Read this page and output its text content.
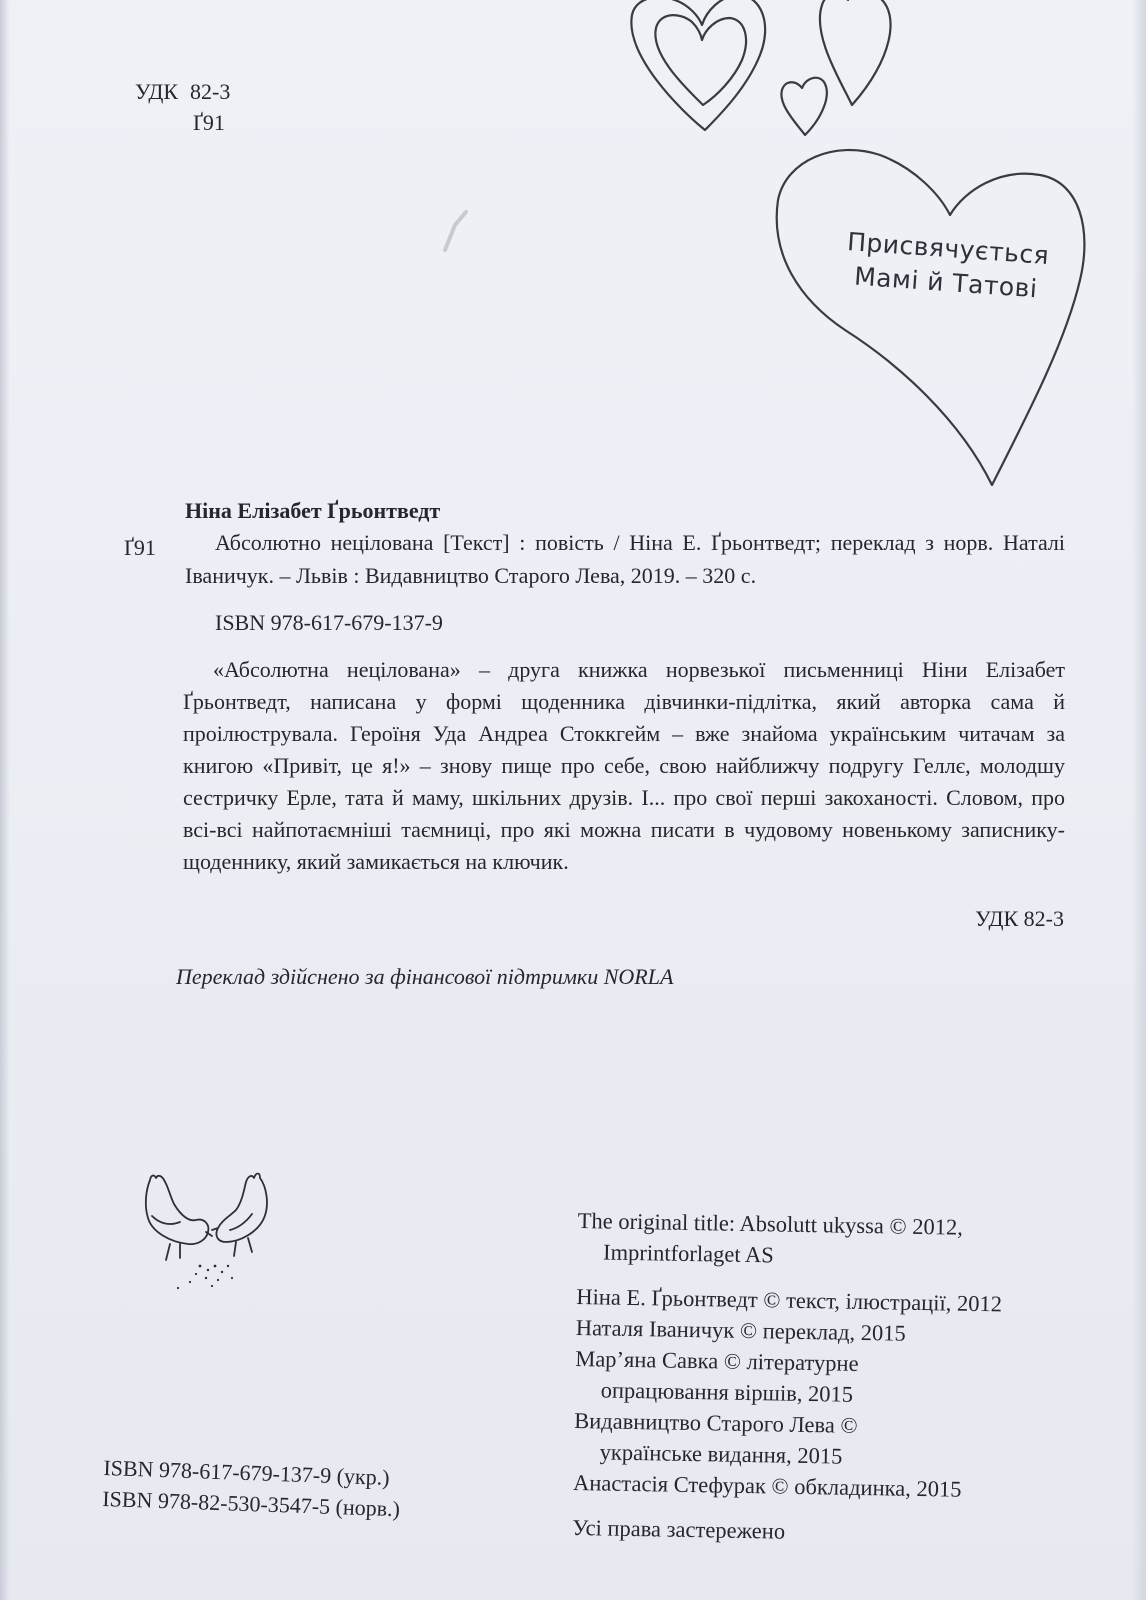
УДК 82-3
Ґ91
Присвячується
Мамі й Татові
Ніна Елізабет Ґрьонтведт
Ґ91	Абсолютно нецілована [Текст] : повість / Ніна Е. Ґрьонтведт; переклад з норв. Наталі Іваничук. – Львів : Видавництво Старого Лева, 2019. – 320 с.
ISBN 978-617-679-137-9
«Абсолютна нецілована» – друга книжка норвезької письменниці Ніни Елізабет Ґрьонтведт, написана у формі щоденника дівчинки-підлітка, який авторка сама й проілюструвала. Героїня Уда Андреа Стоккгейм – вже знайома українським читачам за книгою «Привіт, це я!» – знову пище про себе, свою найближчу подругу Геллє, молодшу сестричку Ерле, тата й маму, шкільних друзів. І... про свої перші закоханості. Словом, про всі-всі найпотаємніші таємниці, про які можна писати в чудовому новенькому записнику-щоденнику, який замикається на ключик.
УДК 82-3
Переклад здійснено за фінансової підтримки NORLA
ISBN 978-617-679-137-9 (укр.)
ISBN 978-82-530-3547-5 (норв.)
The original title: Absolutt ukyssa © 2012,
Imprintforlaget AS
Ніна Е. Ґрьонтведт © текст, ілюстрації, 2012
Наталя Іваничук © переклад, 2015
Мар’яна Савка © літературне
опрацювання віршів, 2015
Видавництво Старого Лева ©
українське видання, 2015
Анастасія Стефурак © обкладинка, 2015
Усі права застережено
